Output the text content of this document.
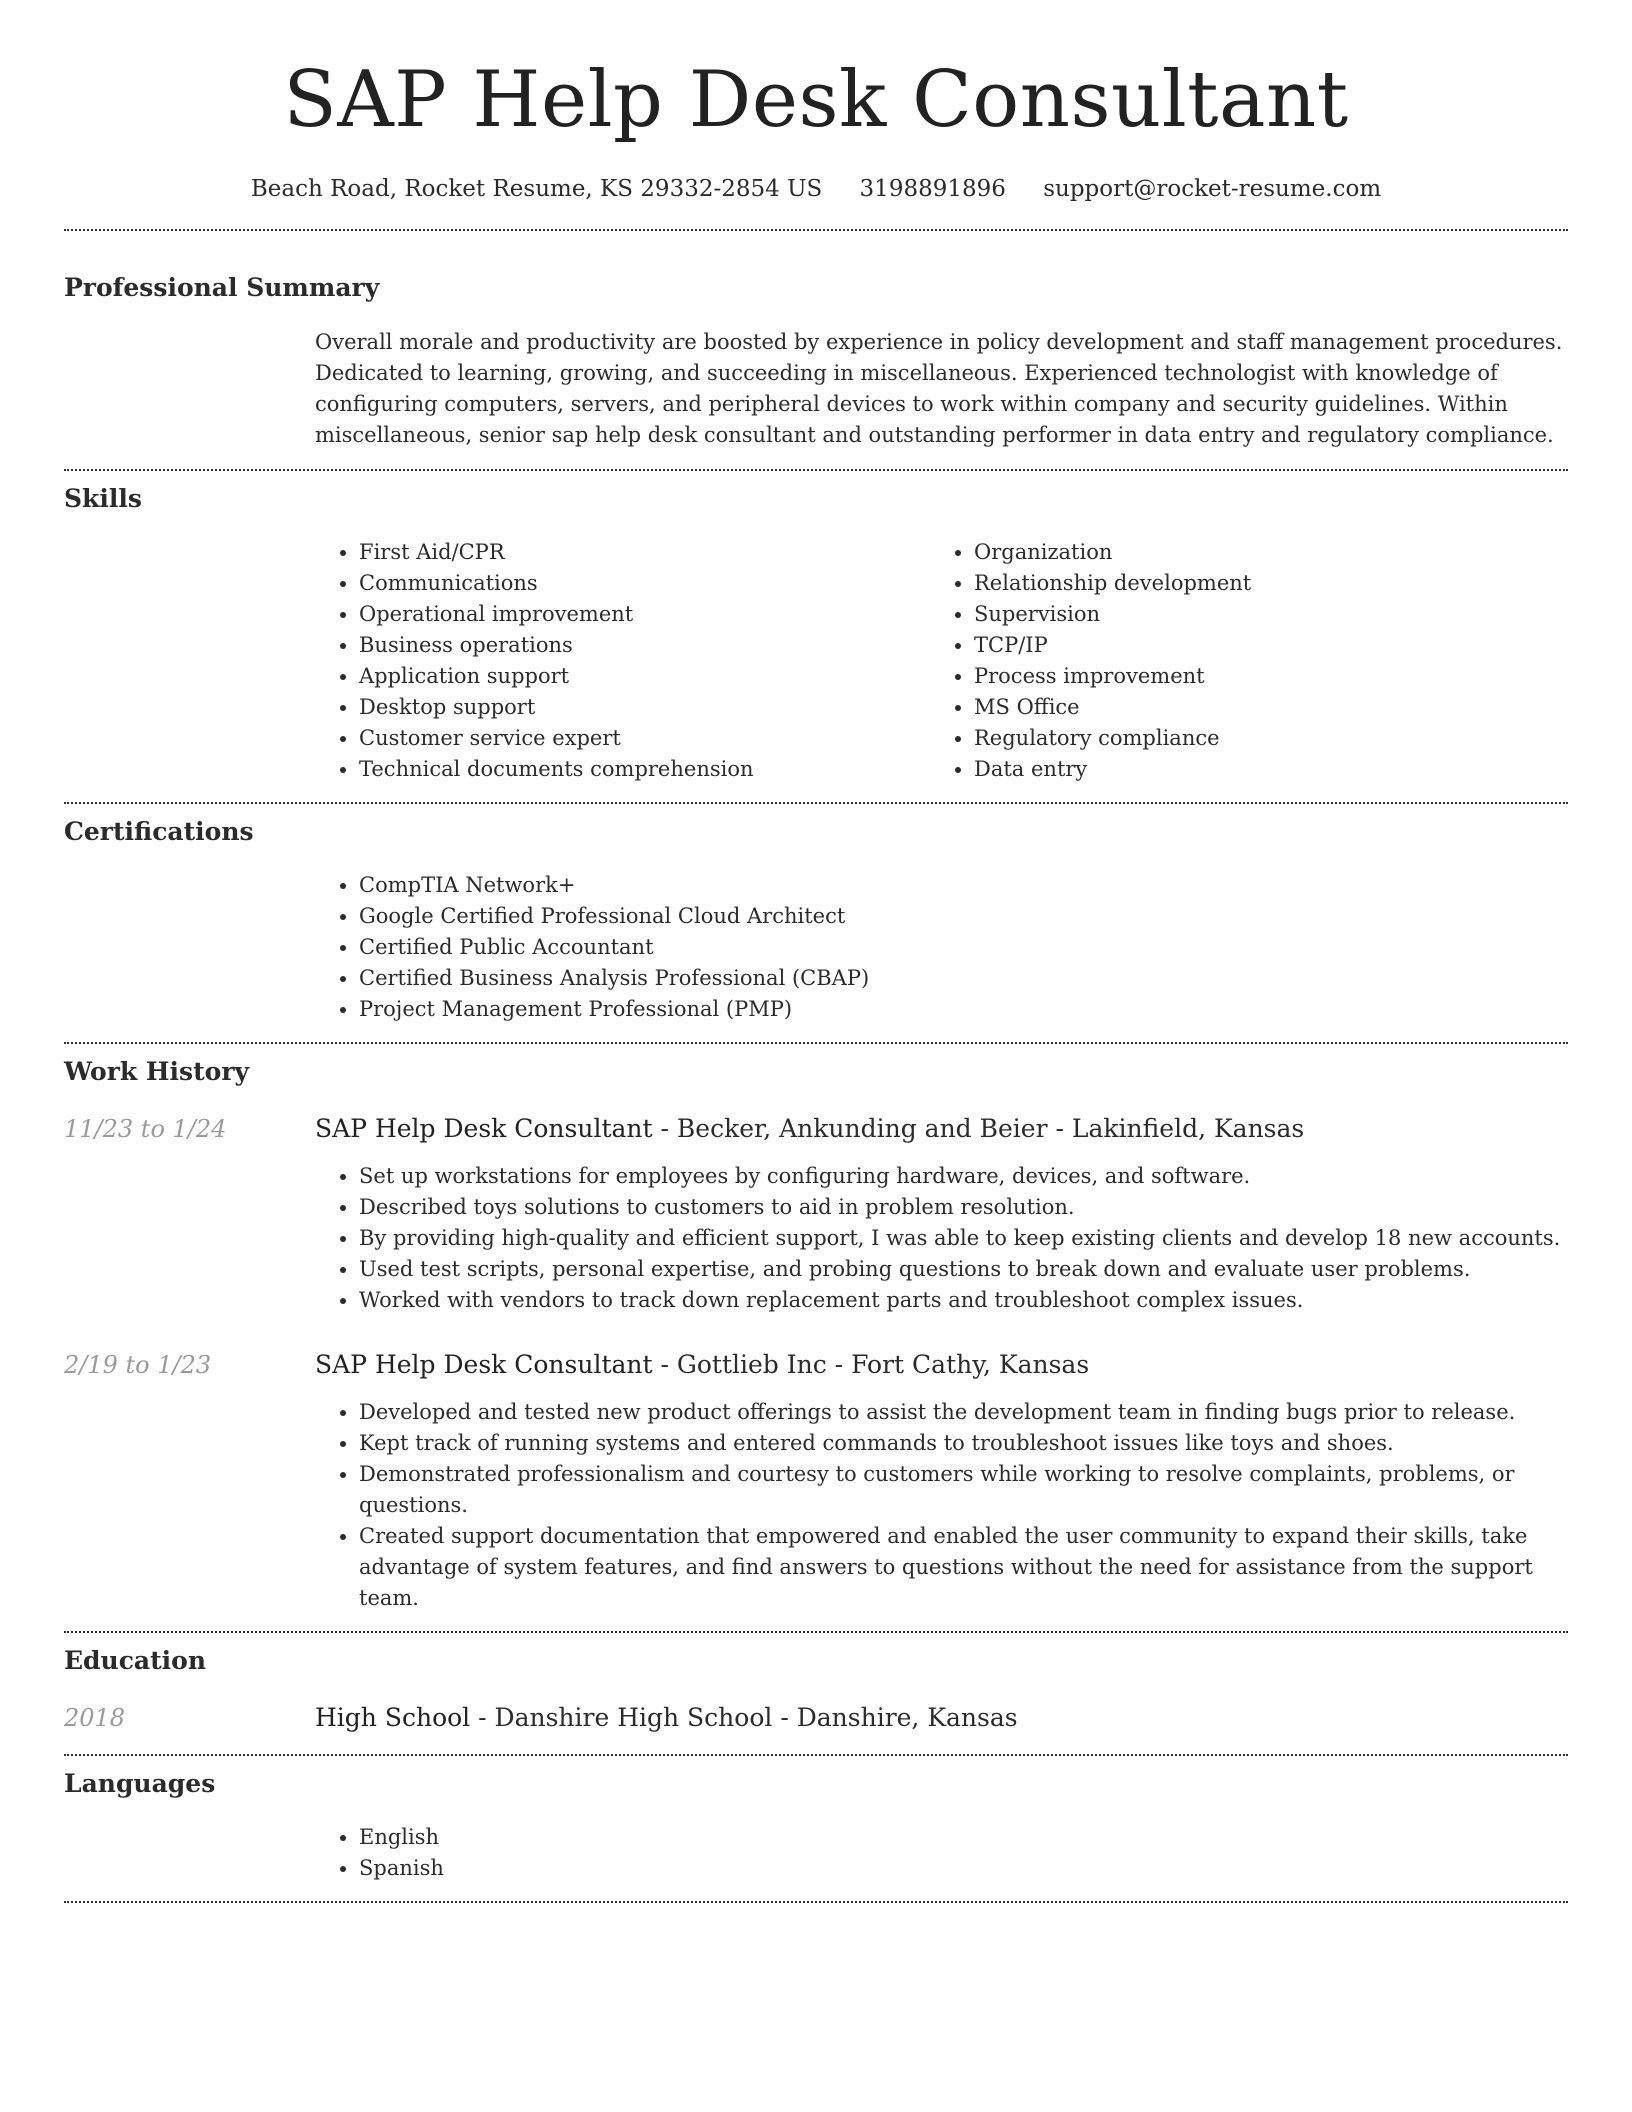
SAP Help Desk Consultant
Beach Road, Rocket Resume, KS 29332-2854 US 3198891896 support@rocket-resume.com
Professional Summary

Overall morale and productivity are boosted by experience in policy development and staff management procedures. Dedicated to learning, growing, and succeeding in miscellaneous. Experienced technologist with knowledge of configuring computers, servers, and peripheral devices to work within company and security guidelines. Within miscellaneous, senior sap help desk consultant and outstanding performer in data entry and regulatory compliance.

Skills
• First Aid/CPR
• Communications
• Operational improvement
• Business operations
• Application support
• Desktop support
• Customer service expert
• Technical documents comprehension
• Organization
• Relationship development
• Supervision
• TCP/IP
• Process improvement
• MS Office
• Regulatory compliance
• Data entry
Certifications
• CompTIA Network+
• Google Certified Professional Cloud Architect
• Certified Public Accountant
• Certified Business Analysis Professional (CBAP)
• Project Management Professional (PMP)
Work History
11/23 to 1/24	SAP Help Desk Consultant - Becker, Ankunding and Beier - Lakinfield, Kansas
• Set up workstations for employees by configuring hardware, devices, and software.
• Described toys solutions to customers to aid in problem resolution.
• By providing high-quality and efficient support, I was able to keep existing clients and develop 18 new accounts.
• Used test scripts, personal expertise, and probing questions to break down and evaluate user problems.
• Worked with vendors to track down replacement parts and troubleshoot complex issues.
2/19 to 1/23	SAP Help Desk Consultant - Gottlieb Inc - Fort Cathy, Kansas
• Developed and tested new product offerings to assist the development team in finding bugs prior to release.
• Kept track of running systems and entered commands to troubleshoot issues like toys and shoes.
• Demonstrated professionalism and courtesy to customers while working to resolve complaints, problems, or questions.
• Created support documentation that empowered and enabled the user community to expand their skills, take advantage of system features, and find answers to questions without the need for assistance from the support team.
Education
2018	High School - Danshire High School - Danshire, Kansas
Languages
• English
• Spanish
